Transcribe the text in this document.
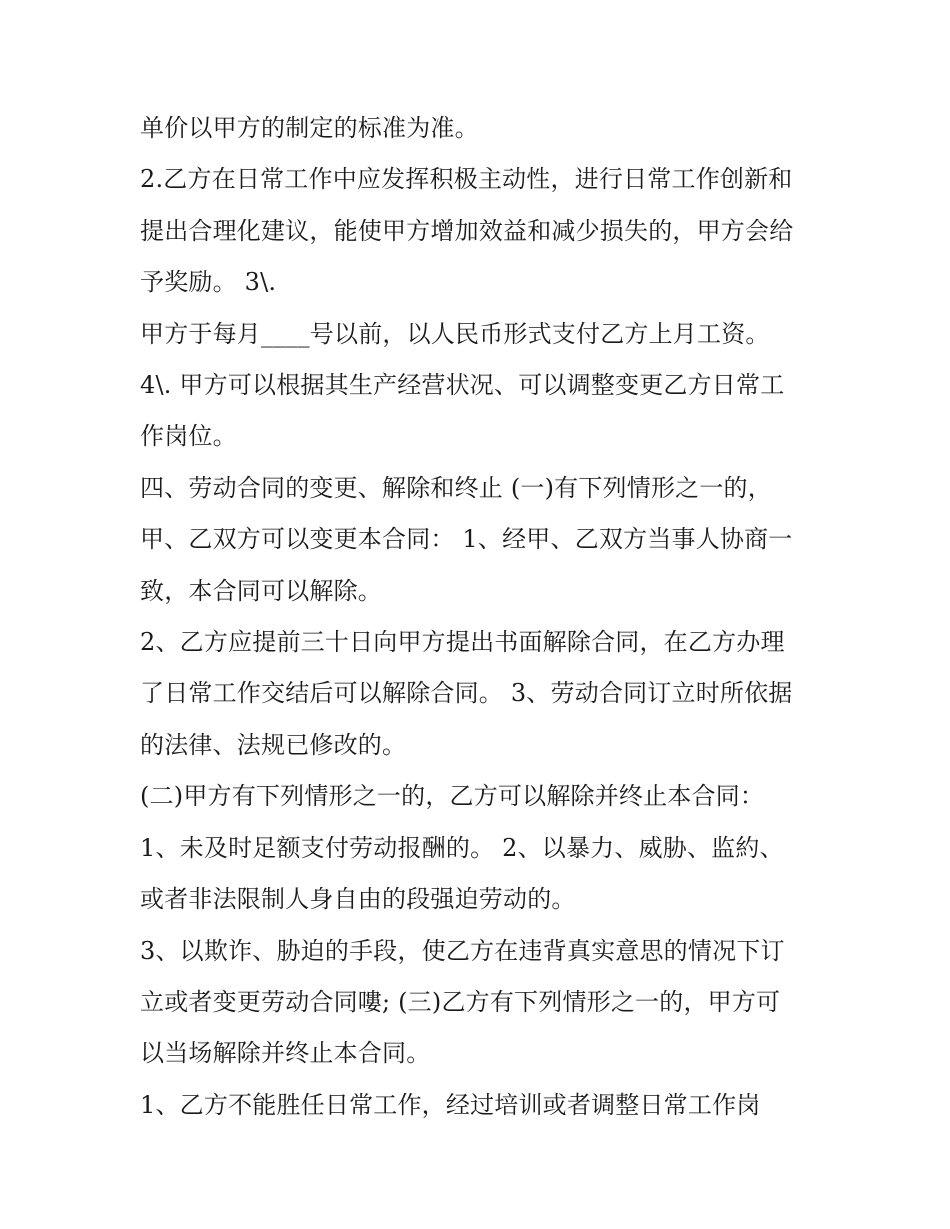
单价以甲方的制定的标准为准。
2.乙方在日常工作中应发挥积极主动性，进行日常工作创新和
提出合理化建议，能使甲方增加效益和减少损失的，甲方会给
予奖励。 3\.
甲方于每月____号以前，以人民币形式支付乙方上月工资。
4\. 甲方可以根据其生产经营状况、可以调整变更乙方日常工
作岗位。
四、劳动合同的变更、解除和终止 (一)有下列情形之一的，
甲、乙双方可以变更本合同： 1、经甲、乙双方当事人协商一
致，本合同可以解除。
2、乙方应提前三十日向甲方提出书面解除合同，在乙方办理
了日常工作交结后可以解除合同。 3、劳动合同订立时所依据
的法律、法规已修改的。
(二)甲方有下列情形之一的，乙方可以解除并终止本合同：
1、未及时足额支付劳动报酬的。 2、以暴力、威胁、监約、
或者非法限制人身自由的段强迫劳动的。
3、以欺诈、胁迫的手段，使乙方在违背真实意思的情况下订
立或者变更劳动合同嘍; (三)乙方有下列情形之一的，甲方可
以当场解除并终止本合同。
1、乙方不能胜任日常工作，经过培训或者调整日常工作岗
